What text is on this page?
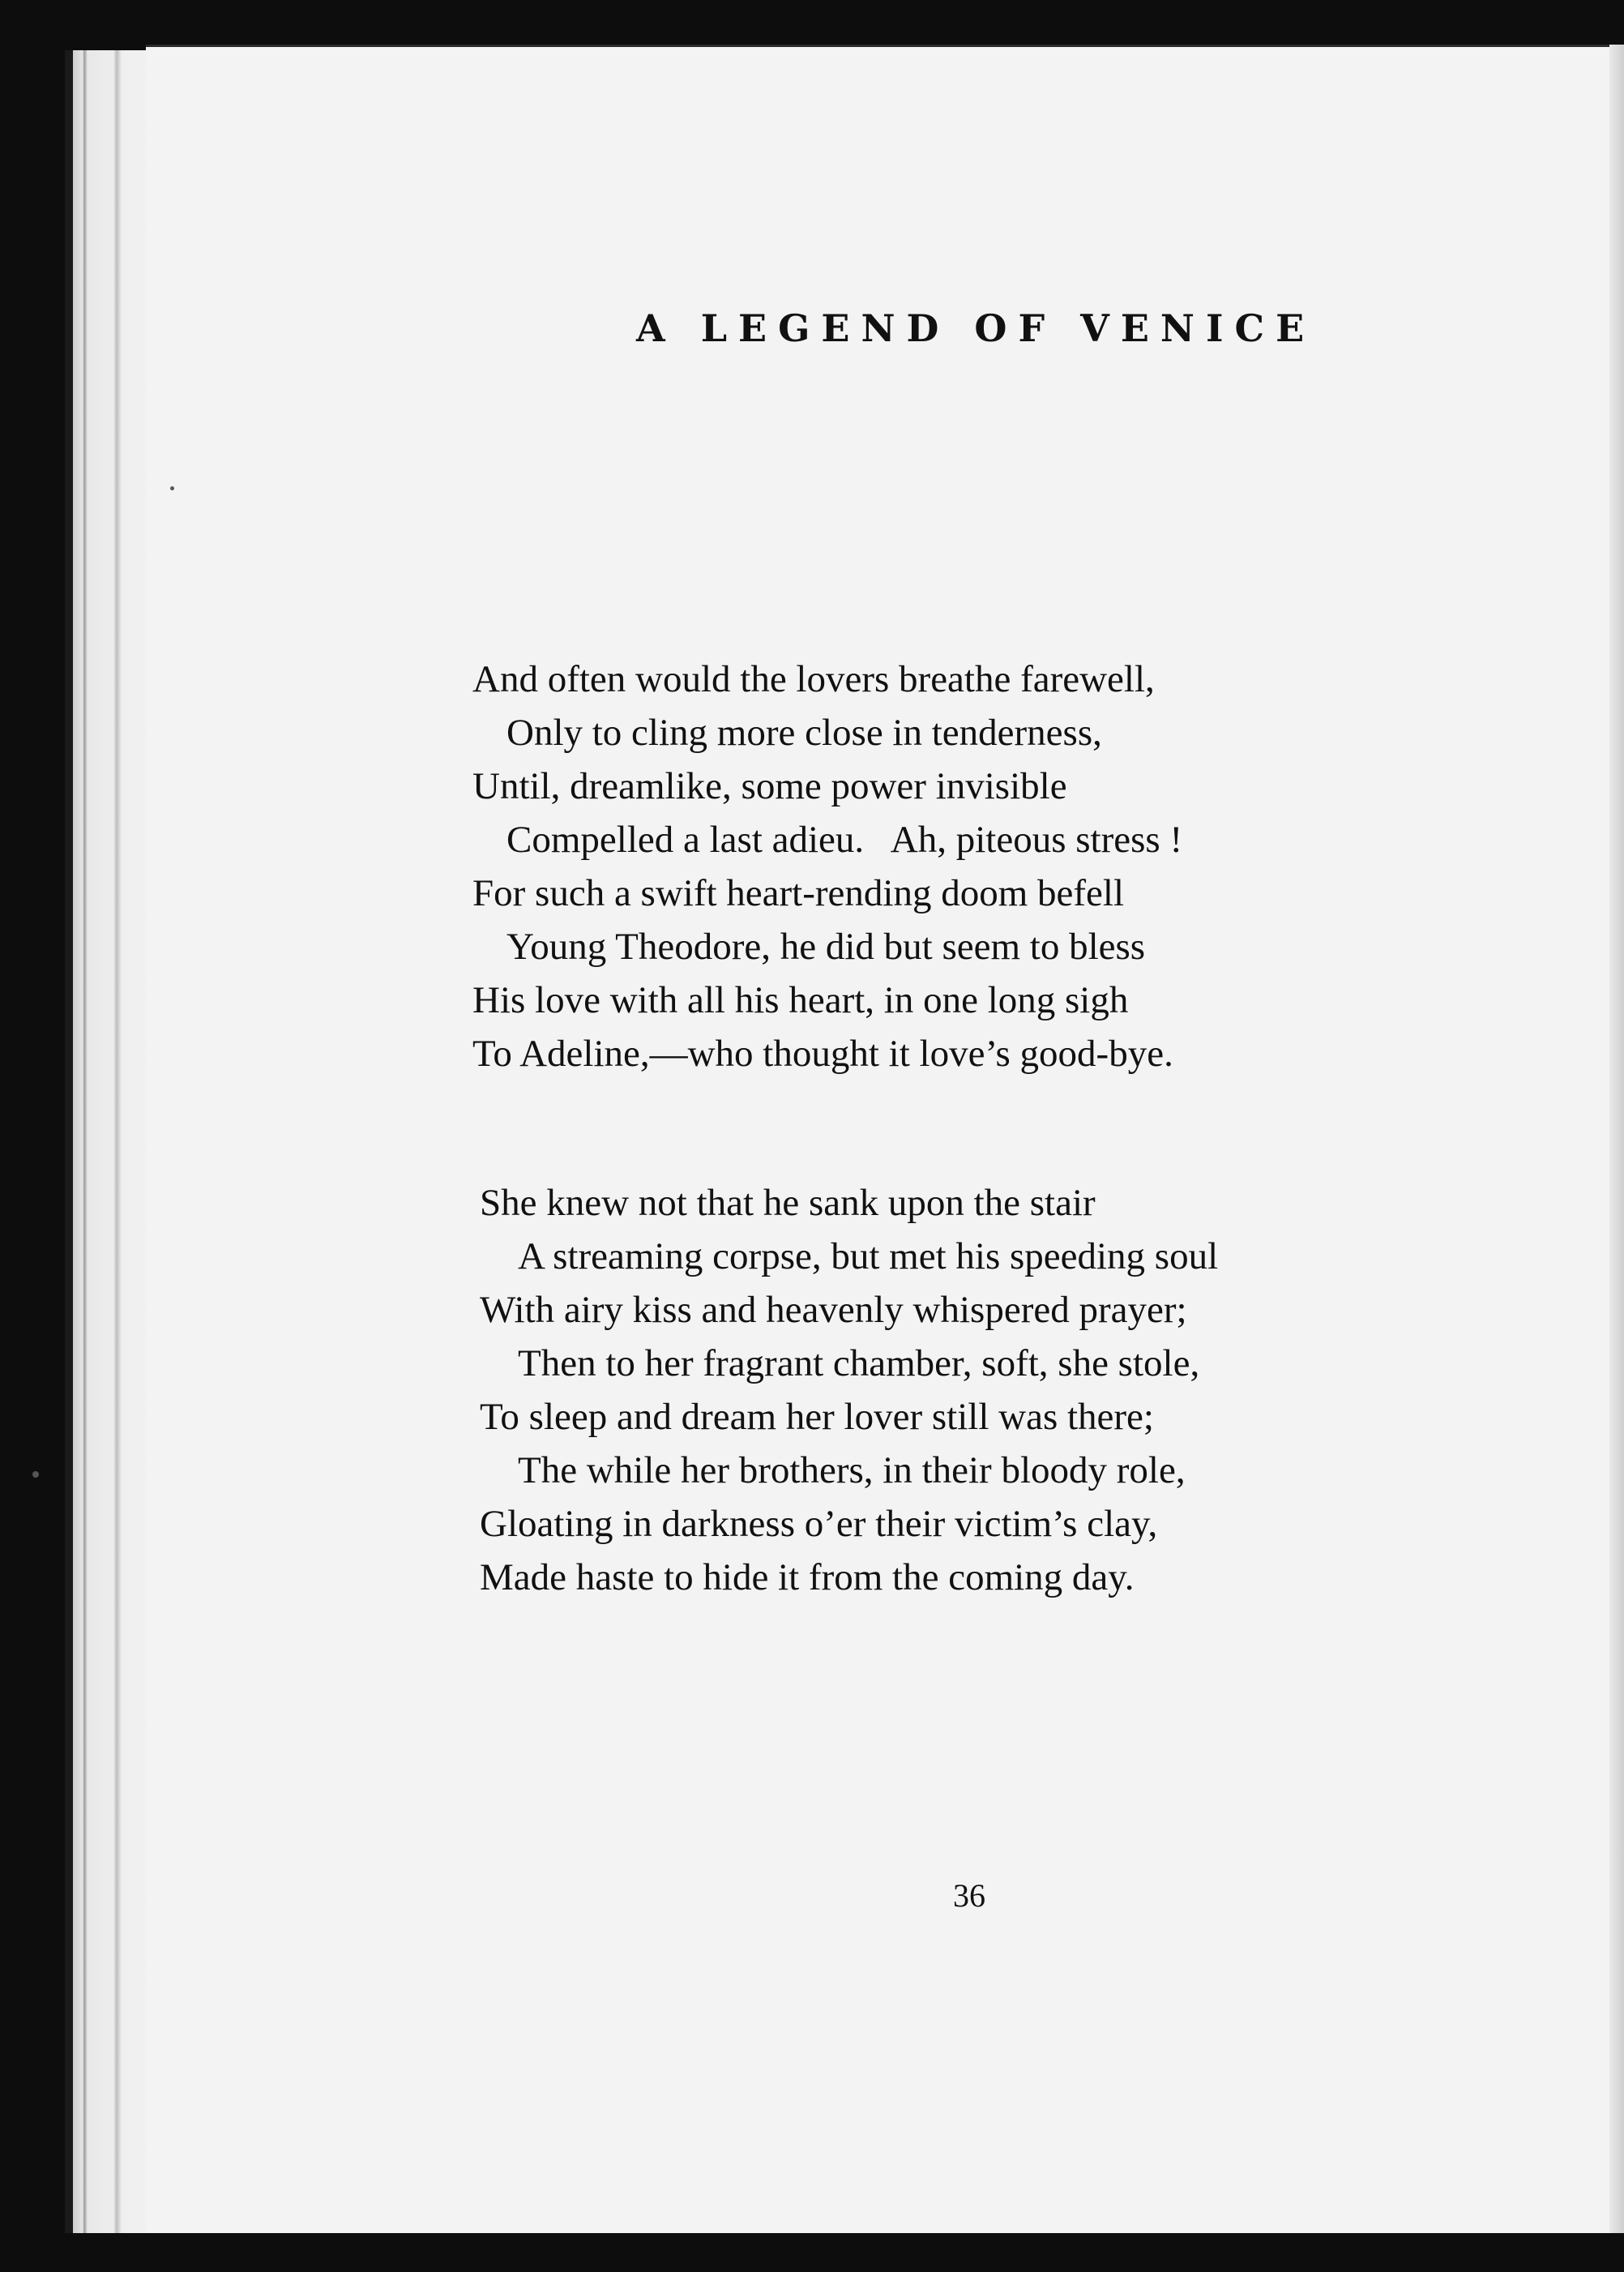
A LEGEND OF VENICE
And often would the lovers breathe farewell,
Only to cling more close in tenderness,
Until, dreamlike, some power invisible
Compelled a last adieu.   Ah, piteous stress !
For such a swift heart-rending doom befell
Young Theodore, he did but seem to bless
His love with all his heart, in one long sigh
To Adeline,—who thought it love’s good-bye.
She knew not that he sank upon the stair
A streaming corpse, but met his speeding soul
With airy kiss and heavenly whispered prayer;
Then to her fragrant chamber, soft, she stole,
To sleep and dream her lover still was there;
The while her brothers, in their bloody role,
Gloating in darkness o’er their victim’s clay,
Made haste to hide it from the coming day.
36
